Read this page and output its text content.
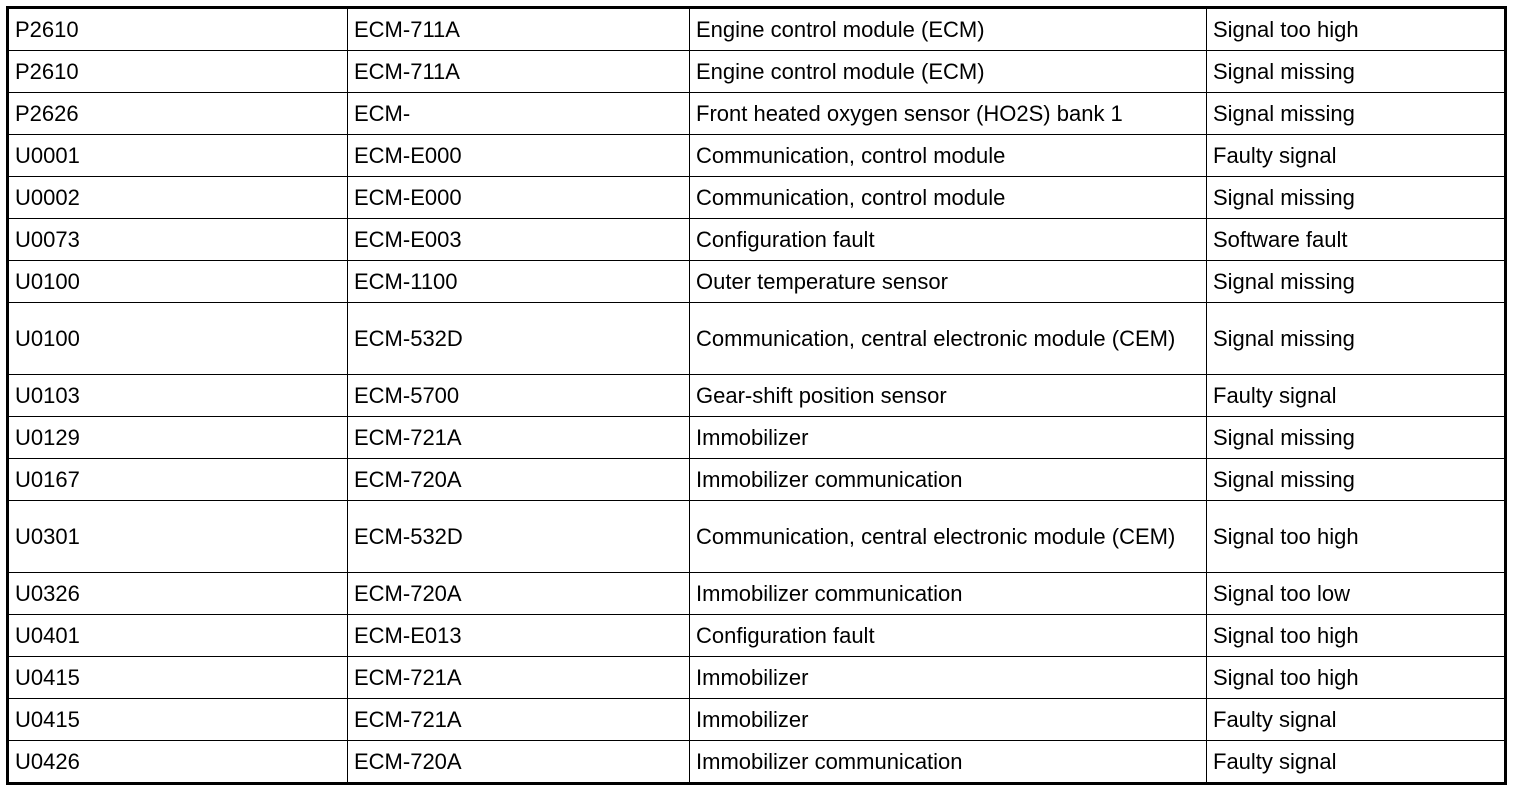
P2610	ECM-711A	Engine control module (ECM)	Signal too high
P2610	ECM-711A	Engine control module (ECM)	Signal missing
P2626	ECM-	Front heated oxygen sensor (HO2S) bank 1	Signal missing
U0001	ECM-E000	Communication, control module	Faulty signal
U0002	ECM-E000	Communication, control module	Signal missing
U0073	ECM-E003	Configuration fault	Software fault
U0100	ECM-1100	Outer temperature sensor	Signal missing
U0100	ECM-532D	Communication, central electronic module (CEM)	Signal missing
U0103	ECM-5700	Gear-shift position sensor	Faulty signal
U0129	ECM-721A	Immobilizer	Signal missing
U0167	ECM-720A	Immobilizer communication	Signal missing
U0301	ECM-532D	Communication, central electronic module (CEM)	Signal too high
U0326	ECM-720A	Immobilizer communication	Signal too low
U0401	ECM-E013	Configuration fault	Signal too high
U0415	ECM-721A	Immobilizer	Signal too high
U0415	ECM-721A	Immobilizer	Faulty signal
U0426	ECM-720A	Immobilizer communication	Faulty signal
